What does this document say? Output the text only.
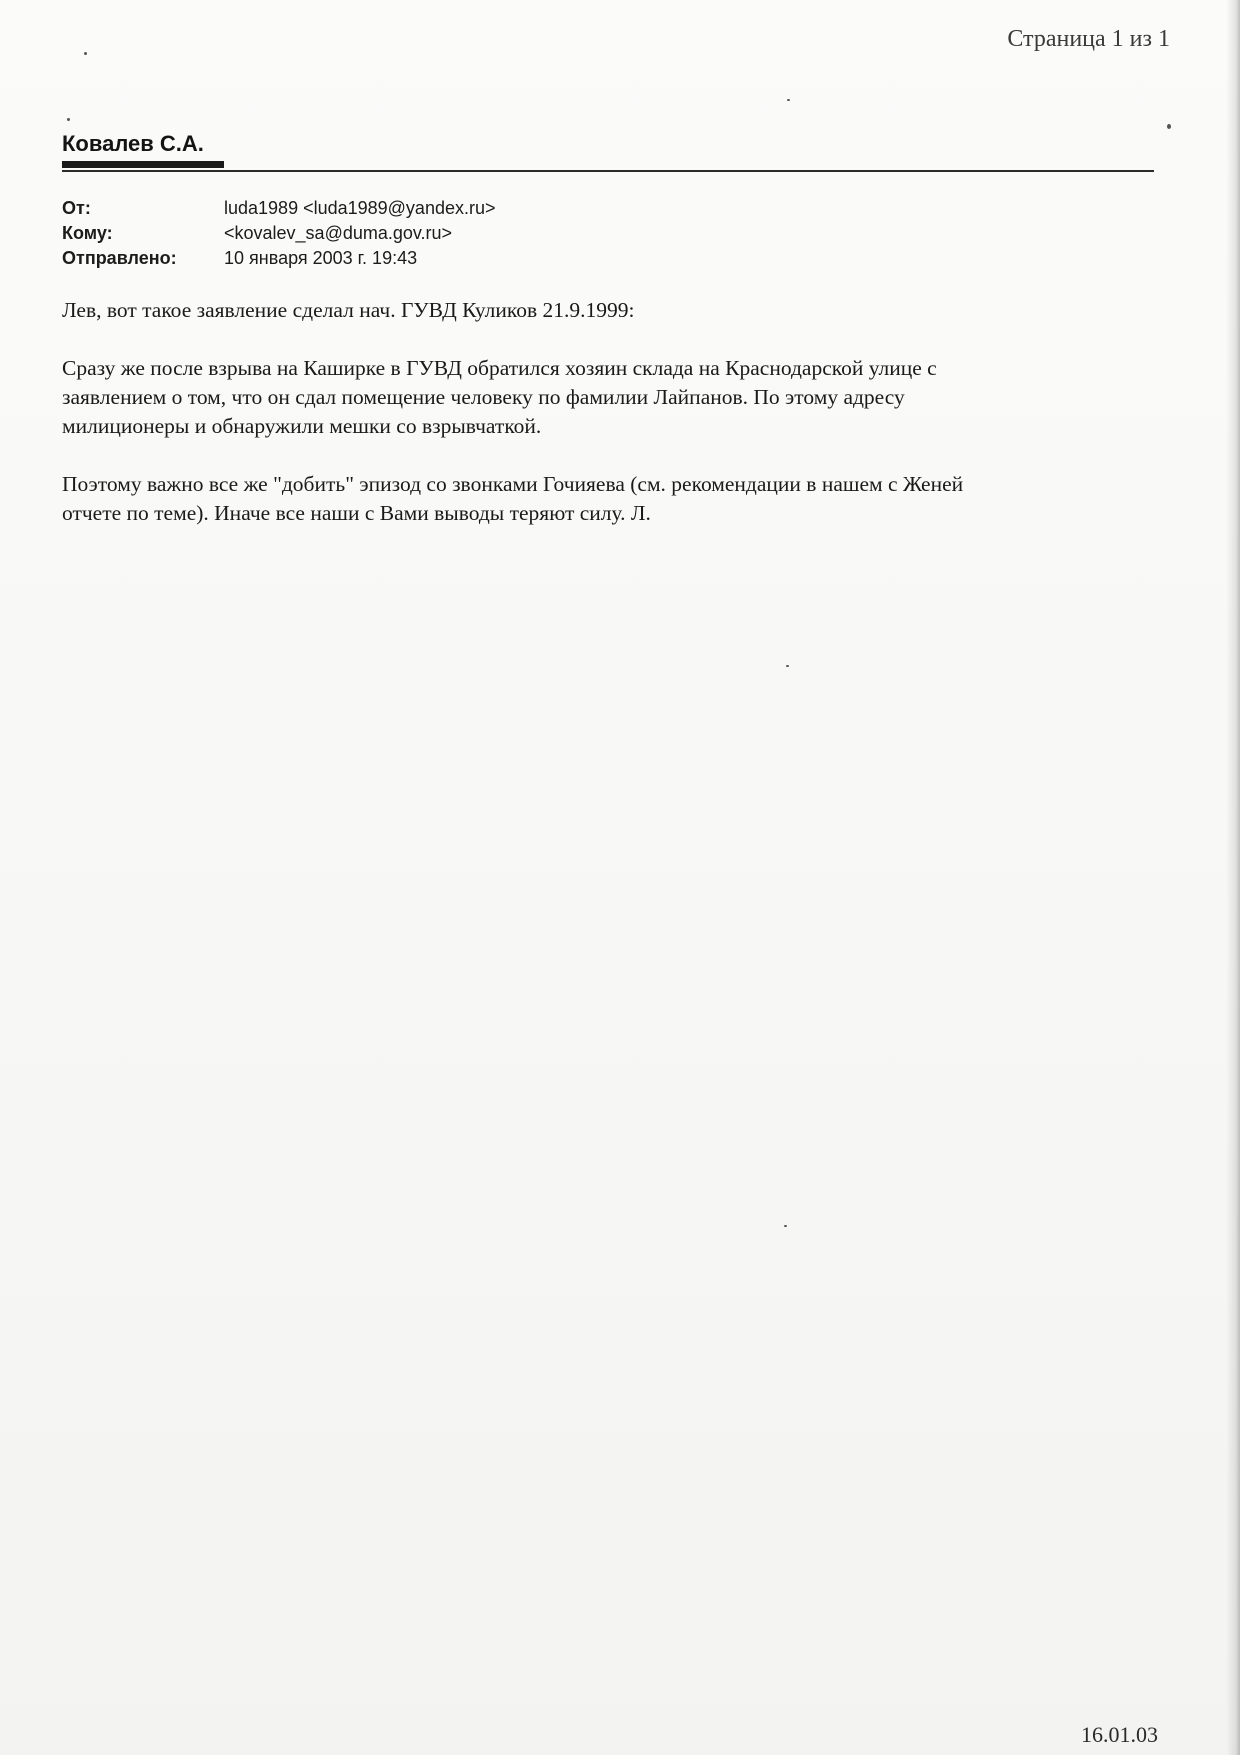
Страница 1 из 1
Ковалев С.А.
От:	luda1989 <luda1989@yandex.ru>
Кому:	<kovalev_sa@duma.gov.ru>
Отправлено:	10 января 2003 г. 19:43

Лев, вот такое заявление сделал нач. ГУВД Куликов 21.9.1999:

Сразу же после взрыва на Каширке в ГУВД обратился хозяин склада на Краснодарской улице с
заявлением о том, что он сдал помещение человеку по фамилии Лайпанов. По этому адресу
милиционеры и обнаружили мешки со взрывчаткой.

Поэтому важно все же "добить" эпизод со звонками Гочияева (см. рекомендации в нашем с Женей
отчете по теме). Иначе все наши с Вами выводы теряют силу. Л.

16.01.03
